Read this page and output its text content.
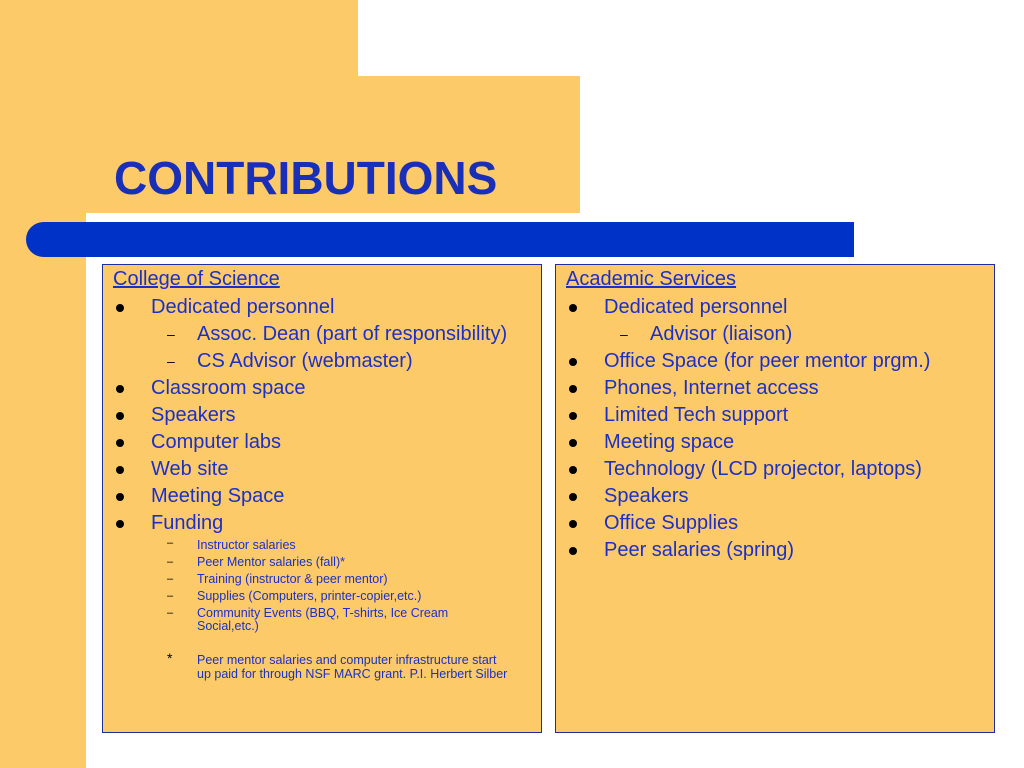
CONTRIBUTIONS
College of Science
Dedicated personnel
– Assoc. Dean (part of responsibility)
– CS Advisor (webmaster)
Classroom space
Speakers
Computer labs
Web site
Meeting Space
Funding
– Instructor salaries
– Peer Mentor salaries (fall)*
– Training (instructor & peer mentor)
– Supplies (Computers, printer-copier,etc.)
– Community Events (BBQ, T-shirts, Ice Cream Social,etc.)
* Peer mentor salaries and computer infrastructure start up paid for through NSF MARC grant. P.I. Herbert Silber
Academic Services
Dedicated personnel
– Advisor (liaison)
Office Space (for peer mentor prgm.)
Phones, Internet access
Limited Tech support
Meeting space
Technology (LCD projector, laptops)
Speakers
Office Supplies
Peer salaries (spring)
